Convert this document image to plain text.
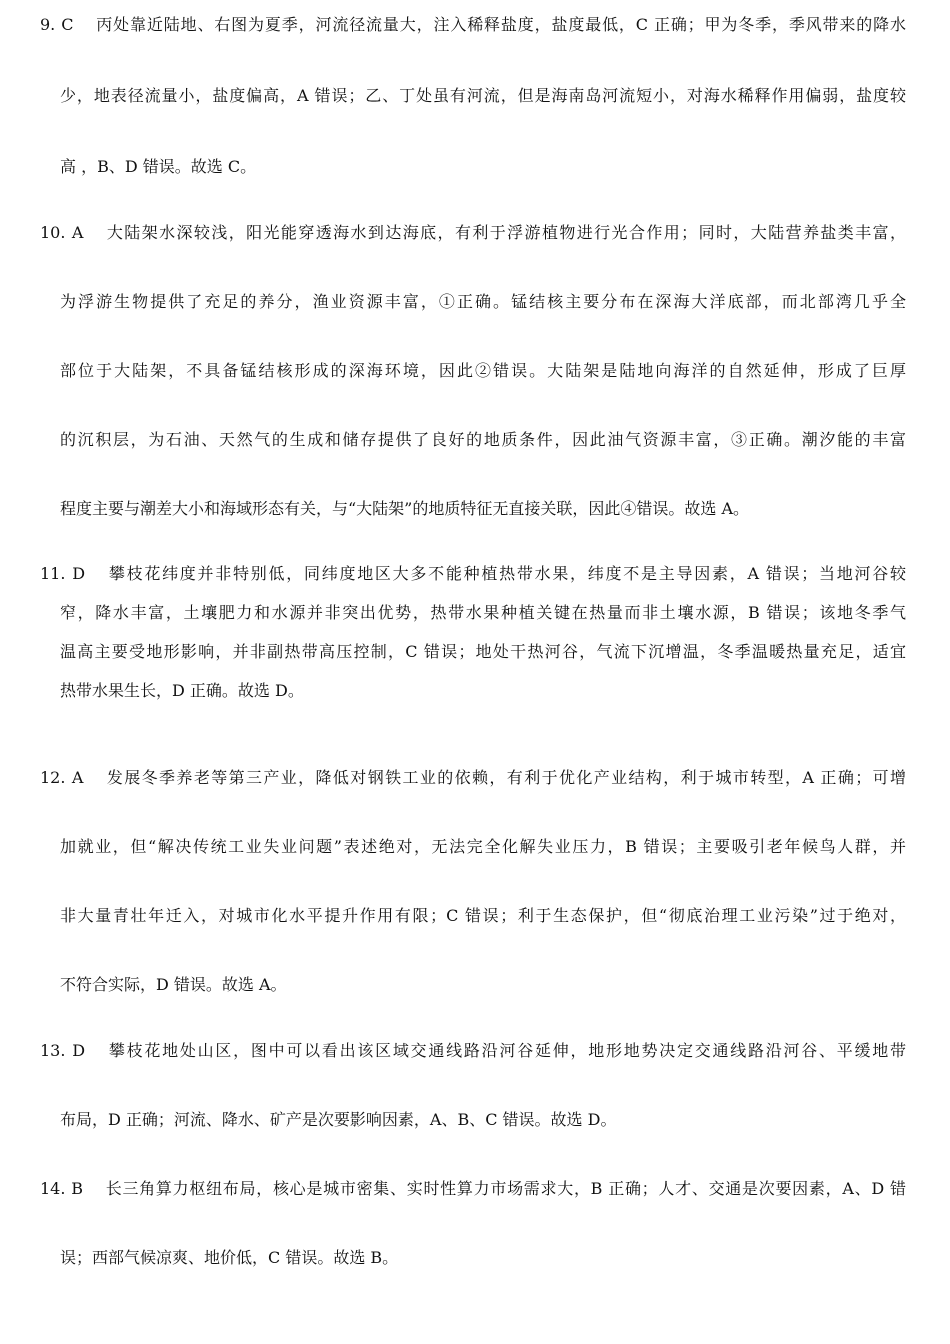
9. C 丙处靠近陆地、右图为夏季，河流径流量大，注入稀释盐度，盐度最低，C 正确；甲为冬季，季风带来的降水
少，地表径流量小，盐度偏高，A 错误；乙、丁处虽有河流，但是海南岛河流短小，对海水稀释作用偏弱，盐度较
高 ，B、D 错误。故选 C。
10. A 大陆架水深较浅，阳光能穿透海水到达海底，有利于浮游植物进行光合作用；同时，大陆营养盐类丰富，
为浮游生物提供了充足的养分，渔业资源丰富，①正确。锰结核主要分布在深海大洋底部，而北部湾几乎全
部位于大陆架，不具备锰结核形成的深海环境，因此②错误。大陆架是陆地向海洋的自然延伸，形成了巨厚
的沉积层，为石油、天然气的生成和储存提供了良好的地质条件，因此油气资源丰富，③正确。潮汐能的丰富
程度主要与潮差大小和海域形态有关，与“大陆架”的地质特征无直接关联，因此④错误。故选 A。
11. D 攀枝花纬度并非特别低，同纬度地区大多不能种植热带水果，纬度不是主导因素，A 错误；当地河谷较
窄，降水丰富，土壤肥力和水源并非突出优势，热带水果种植关键在热量而非土壤水源，B 错误；该地冬季气
温高主要受地形影响，并非副热带高压控制，C 错误；地处干热河谷，气流下沉增温，冬季温暖热量充足，适宜
热带水果生长，D 正确。故选 D。
12. A 发展冬季养老等第三产业，降低对钢铁工业的依赖，有利于优化产业结构，利于城市转型，A 正确；可增
加就业，但“解决传统工业失业问题”表述绝对，无法完全化解失业压力，B 错误；主要吸引老年候鸟人群，并
非大量青壮年迁入，对城市化水平提升作用有限；C 错误；利于生态保护，但“彻底治理工业污染”过于绝对，
不符合实际，D 错误。故选 A。
13. D 攀枝花地处山区，图中可以看出该区域交通线路沿河谷延伸，地形地势决定交通线路沿河谷、平缓地带
布局，D 正确；河流、降水、矿产是次要影响因素，A、B、C 错误。故选 D。
14. B 长三角算力枢纽布局，核心是城市密集、实时性算力市场需求大，B 正确；人才、交通是次要因素，A、D 错
误；西部气候凉爽、地价低，C 错误。故选 B。
